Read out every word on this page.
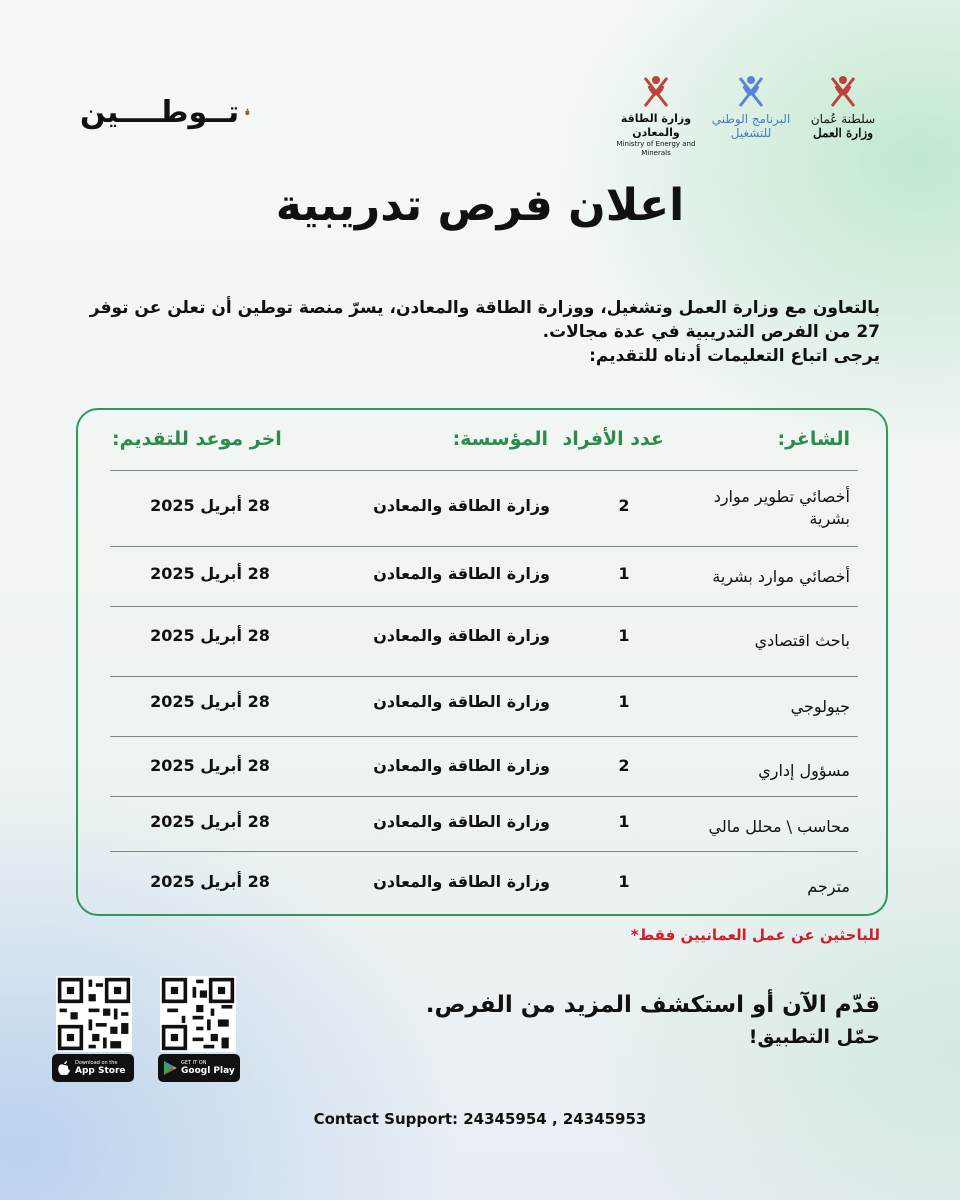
تــوطــــين	سلطنة عُمان
وزارة العمل
البرنامج الوطني
للتشغيل
وزارة الطاقة والمعادن
Ministry of Energy and Minerals
اعلان فرص تدريبية

بالتعاون مع وزارة العمل وتشغيل، ووزارة الطاقة والمعادن، يسرّ منصة توطين أن تعلن عن توفر

27 من الفرص التدريبية في عدة مجالات.

يرجى اتباع التعليمات أدناه للتقديم:

الشاغر:
عدد الأفراد
المؤسسة:
اخر موعد للتقديم:
أخصائي تطوير موارد بشرية
2
وزارة الطاقة والمعادن
28 أبريل 2025
أخصائي موارد بشرية
1
وزارة الطاقة والمعادن
28 أبريل 2025
باحث اقتصادي
1
وزارة الطاقة والمعادن
28 أبريل 2025
جيولوجي
1
وزارة الطاقة والمعادن
28 أبريل 2025
مسؤول إداري
2
وزارة الطاقة والمعادن
28 أبريل 2025
محاسب \ محلل مالي
1
وزارة الطاقة والمعادن
28 أبريل 2025
مترجم
1
وزارة الطاقة والمعادن
28 أبريل 2025
للباحثين عن عمل العمانيين فقط*
قدّم الآن أو استكشف المزيد من الفرص.
حمّل التطبيق!
Download on the
App Store
GET IT ON
Googl Play
Contact Support: 24345954 , 24345953
